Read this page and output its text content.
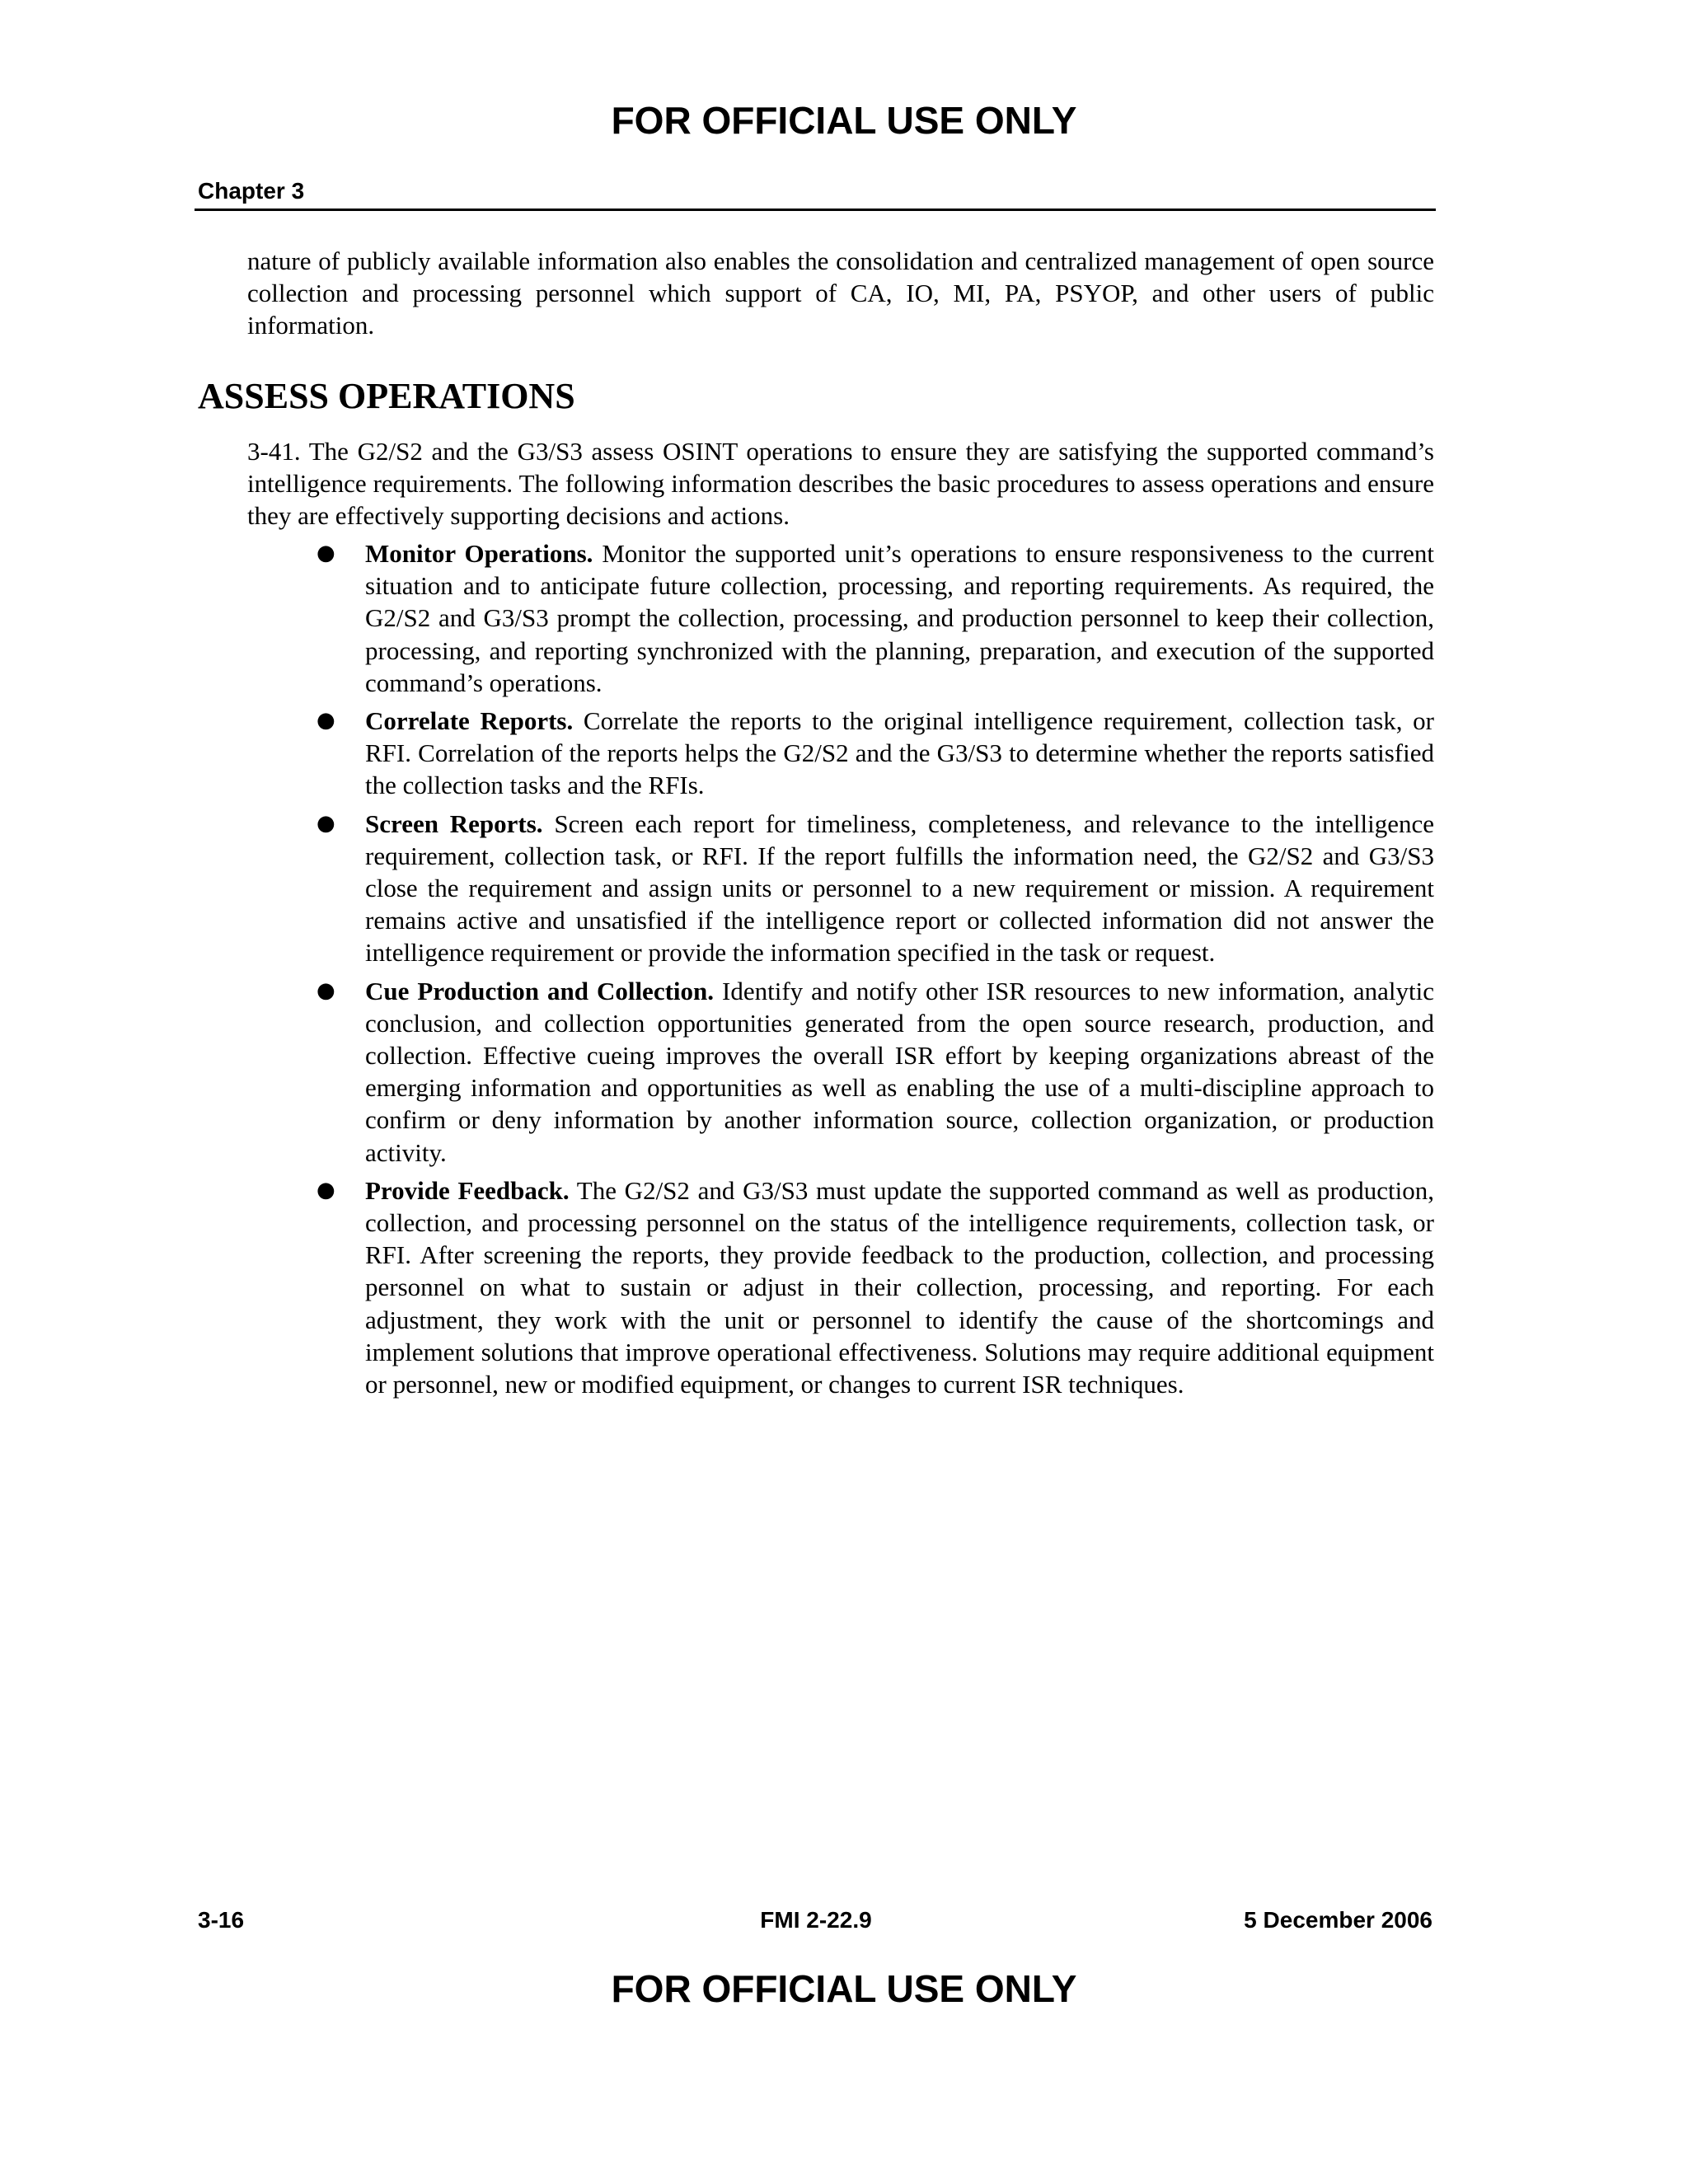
FOR OFFICIAL USE ONLY

Chapter 3

nature of publicly available information also enables the consolidation and centralized management of open source collection and processing personnel which support of CA, IO, MI, PA, PSYOP, and other users of public information.

ASSESS OPERATIONS

3-41. The G2/S2 and the G3/S3 assess OSINT operations to ensure they are satisfying the supported command’s intelligence requirements. The following information describes the basic procedures to assess operations and ensure they are effectively supporting decisions and actions.

● Monitor Operations. Monitor the supported unit’s operations to ensure responsiveness to the current situation and to anticipate future collection, processing, and reporting requirements. As required, the G2/S2 and G3/S3 prompt the collection, processing, and production personnel to keep their collection, processing, and reporting synchronized with the planning, preparation, and execution of the supported command’s operations.
● Correlate Reports. Correlate the reports to the original intelligence requirement, collection task, or RFI. Correlation of the reports helps the G2/S2 and the G3/S3 to determine whether the reports satisfied the collection tasks and the RFIs.
● Screen Reports. Screen each report for timeliness, completeness, and relevance to the intelligence requirement, collection task, or RFI. If the report fulfills the information need, the G2/S2 and G3/S3 close the requirement and assign units or personnel to a new requirement or mission. A requirement remains active and unsatisfied if the intelligence report or collected information did not answer the intelligence requirement or provide the information specified in the task or request.
● Cue Production and Collection. Identify and notify other ISR resources to new information, analytic conclusion, and collection opportunities generated from the open source research, production, and collection. Effective cueing improves the overall ISR effort by keeping organizations abreast of the emerging information and opportunities as well as enabling the use of a multi-discipline approach to confirm or deny information by another information source, collection organization, or production activity.
● Provide Feedback. The G2/S2 and G3/S3 must update the supported command as well as production, collection, and processing personnel on the status of the intelligence requirements, collection task, or RFI. After screening the reports, they provide feedback to the production, collection, and processing personnel on what to sustain or adjust in their collection, processing, and reporting. For each adjustment, they work with the unit or personnel to identify the cause of the shortcomings and implement solutions that improve operational effectiveness. Solutions may require additional equipment or personnel, new or modified equipment, or changes to current ISR techniques.
3-16	FMI 2-22.9	5 December 2006

FOR OFFICIAL USE ONLY
